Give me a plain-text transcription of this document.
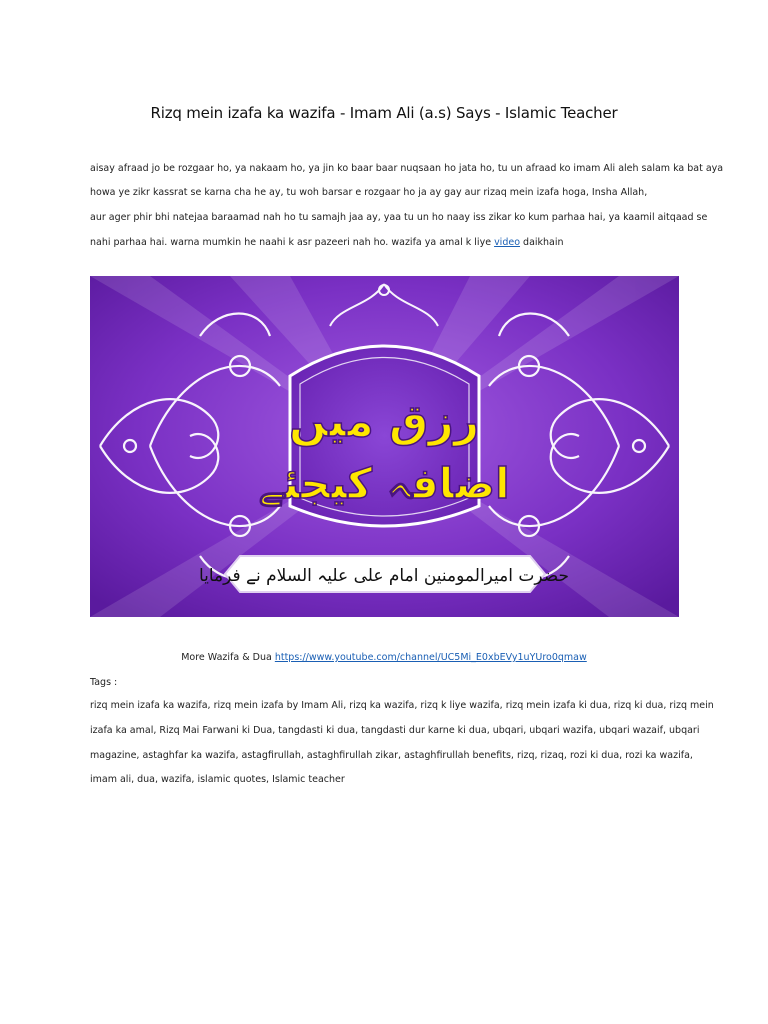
Rizq mein izafa ka wazifa - Imam Ali (a.s) Says - Islamic Teacher
aisay afraad jo be rozgaar ho, ya nakaam ho, ya jin ko baar baar nuqsaan ho jata ho, tu un afraad ko imam Ali aleh salam ka bat aya
howa ye zikr kassrat se karna cha he ay, tu woh barsar e rozgaar ho ja ay gay aur rizaq mein izafa hoga, Insha Allah,
aur ager phir bhi natejaa baraamad nah ho tu samajh jaa ay, yaa tu un ho naay iss zikar ko kum parhaa hai, ya kaamil aitqaad se
nahi parhaa hai. warna mumkin he naahi k asr pazeeri nah ho. wazifa ya amal k liye video daikhain
رزق میں
اضافہ کیجئے
حضرت امیرالمومنین امام علی علیہ السلام نے فرمایا
More Wazifa & Dua https://www.youtube.com/channel/UC5Mi_E0xbEVy1uYUro0qmaw
Tags :
rizq mein izafa ka wazifa, rizq mein izafa by Imam Ali, rizq ka wazifa, rizq k liye wazifa, rizq mein izafa ki dua, rizq ki dua, rizq mein
izafa ka amal, Rizq Mai Farwani ki Dua, tangdasti ki dua, tangdasti dur karne ki dua, ubqari, ubqari wazifa, ubqari wazaif, ubqari
magazine, astaghfar ka wazifa, astagfirullah, astaghfirullah zikar, astaghfirullah benefits, rizq, rizaq, rozi ki dua, rozi ka wazifa,
imam ali, dua, wazifa, islamic quotes, Islamic teacher
